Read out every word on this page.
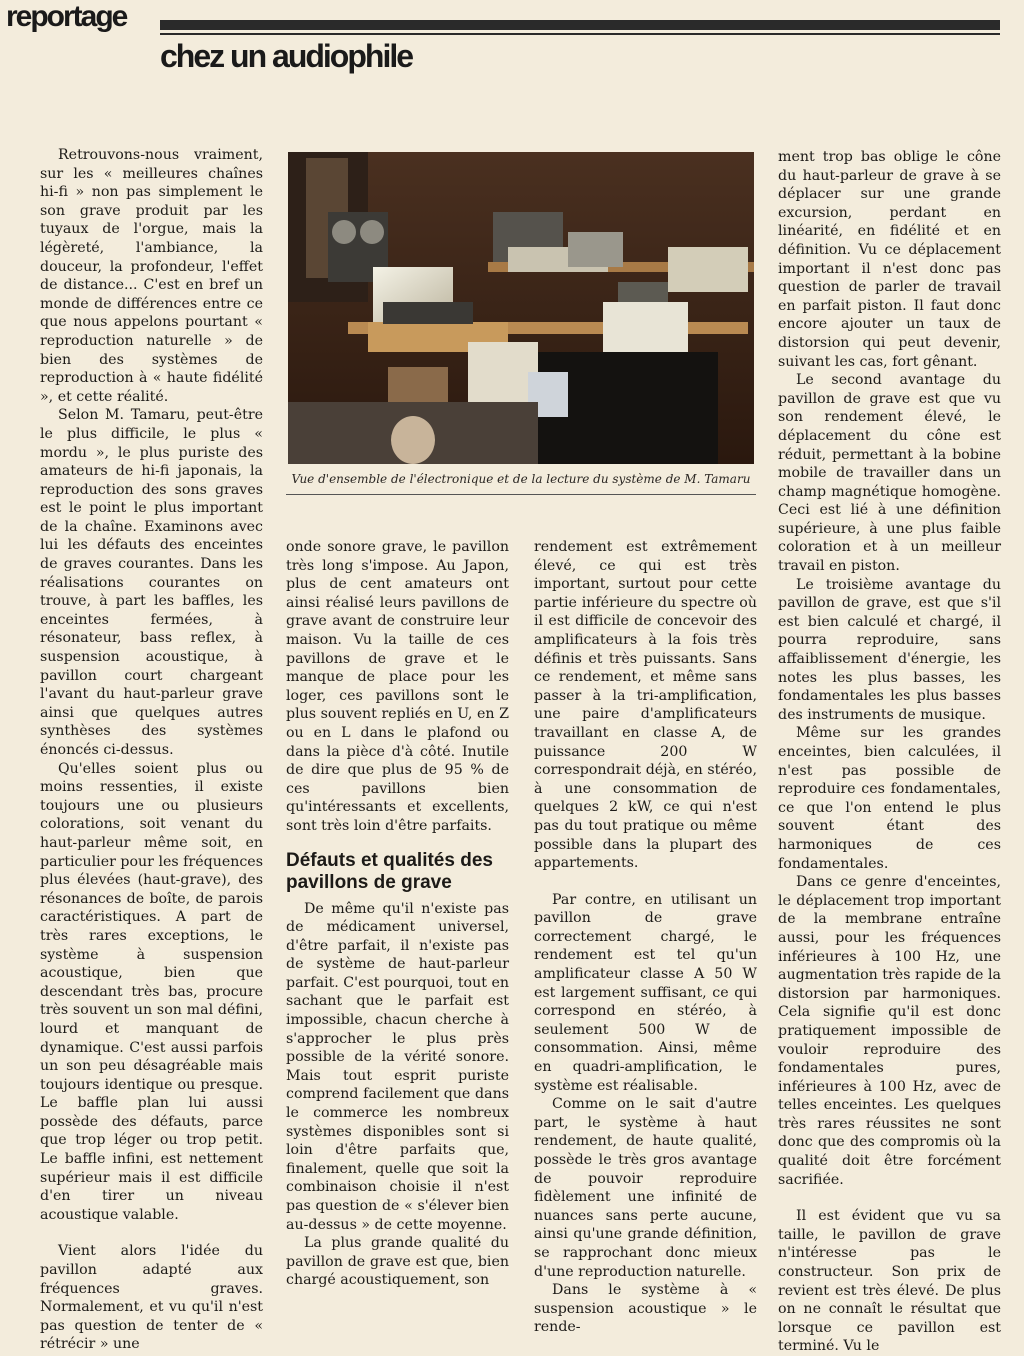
reportage
chez un audiophile

Retrouvons-nous vraiment, sur les « meilleures chaînes hi-fi » non pas simplement le son grave produit par les tuyaux de l'orgue, mais la légèreté, l'ambiance, la douceur, la profondeur, l'effet de distance... C'est en bref un monde de différences entre ce que nous appelons pourtant « reproduction naturelle » de bien des systèmes de reproduction à « haute fidélité », et cette réalité.

Selon M. Tamaru, peut-être le plus difficile, le plus « mordu », le plus puriste des amateurs de hi-fi japonais, la reproduction des sons graves est le point le plus important de la chaîne. Examinons avec lui les défauts des enceintes de graves courantes. Dans les réalisations courantes on trouve, à part les baffles, les enceintes fermées, à résonateur, bass reflex, à suspension acoustique, à pavillon court chargeant l'avant du haut-parleur grave ainsi que quelques autres synthèses des systèmes énoncés ci-dessus.

Qu'elles soient plus ou moins ressenties, il existe toujours une ou plusieurs colorations, soit venant du haut-parleur même soit, en particulier pour les fréquences plus élevées (haut-grave), des résonances de boîte, de parois caractéristiques. A part de très rares exceptions, le système à suspension acoustique, bien que descendant très bas, procure très souvent un son mal défini, lourd et manquant de dynamique. C'est aussi parfois un son peu désagréable mais toujours identique ou presque. Le baffle plan lui aussi possède des défauts, parce que trop léger ou trop petit. Le baffle infini, est nettement supérieur mais il est difficile d'en tirer un niveau acoustique valable.

Vient alors l'idée du pavillon adapté aux fréquences graves. Normalement, et vu qu'il n'est pas question de tenter de « rétrécir » une

Vue d'ensemble de l'électronique et de la lecture du système de M. Tamaru

onde sonore grave, le pavillon très long s'impose. Au Japon, plus de cent amateurs ont ainsi réalisé leurs pavillons de grave avant de construire leur maison. Vu la taille de ces pavillons de grave et le manque de place pour les loger, ces pavillons sont le plus souvent repliés en U, en Z ou en L dans le plafond ou dans la pièce d'à côté. Inutile de dire que plus de 95 % de ces pavillons bien qu'intéressants et excellents, sont très loin d'être parfaits.

Défauts et qualités des pavillons de grave

De même qu'il n'existe pas de médicament universel, d'être parfait, il n'existe pas de système de haut-parleur parfait. C'est pourquoi, tout en sachant que le parfait est impossible, chacun cherche à s'approcher le plus près possible de la vérité sonore. Mais tout esprit puriste comprend facilement que dans le commerce les nombreux systèmes disponibles sont si loin d'être parfaits que, finalement, quelle que soit la combinaison choisie il n'est pas question de « s'élever bien au-dessus » de cette moyenne.

La plus grande qualité du pavillon de grave est que, bien chargé acoustiquement, son

rendement est extrêmement élevé, ce qui est très important, surtout pour cette partie inférieure du spectre où il est difficile de concevoir des amplificateurs à la fois très définis et très puissants. Sans ce rendement, et même sans passer à la tri-amplification, une paire d'amplificateurs travaillant en classe A, de puissance 200 W correspondrait déjà, en stéréo, à une consommation de quelques 2 kW, ce qui n'est pas du tout pratique ou même possible dans la plupart des appartements.

Par contre, en utilisant un pavillon de grave correctement chargé, le rendement est tel qu'un amplificateur classe A 50 W est largement suffisant, ce qui correspond en stéréo, à seulement 500 W de consommation. Ainsi, même en quadri-amplification, le système est réalisable.

Comme on le sait d'autre part, le système à haut rendement, de haute qualité, possède le très gros avantage de pouvoir reproduire fidèlement une infinité de nuances sans perte aucune, ainsi qu'une grande définition, se rapprochant donc mieux d'une reproduction naturelle.

Dans le système à « suspension acoustique » le rende-

ment trop bas oblige le cône du haut-parleur de grave à se déplacer sur une grande excursion, perdant en linéarité, en fidélité et en définition. Vu ce déplacement important il n'est donc pas question de parler de travail en parfait piston. Il faut donc encore ajouter un taux de distorsion qui peut devenir, suivant les cas, fort gênant.

Le second avantage du pavillon de grave est que vu son rendement élevé, le déplacement du cône est réduit, permettant à la bobine mobile de travailler dans un champ magnétique homogène. Ceci est lié à une définition supérieure, à une plus faible coloration et à un meilleur travail en piston.

Le troisième avantage du pavillon de grave, est que s'il est bien calculé et chargé, il pourra reproduire, sans affaiblissement d'énergie, les notes les plus basses, les fondamentales les plus basses des instruments de musique.

Même sur les grandes enceintes, bien calculées, il n'est pas possible de reproduire ces fondamentales, ce que l'on entend le plus souvent étant des harmoniques de ces fondamentales.

Dans ce genre d'enceintes, le déplacement trop important de la membrane entraîne aussi, pour les fréquences inférieures à 100 Hz, une augmentation très rapide de la distorsion par harmoniques. Cela signifie qu'il est donc pratiquement impossible de vouloir reproduire des fondamentales pures, inférieures à 100 Hz, avec de telles enceintes. Les quelques très rares réussites ne sont donc que des compromis où la qualité doit être forcément sacrifiée.

Il est évident que vu sa taille, le pavillon de grave n'intéresse pas le constructeur. Son prix de revient est très élevé. De plus on ne connaît le résultat que lorsque ce pavillon est terminé. Vu le
